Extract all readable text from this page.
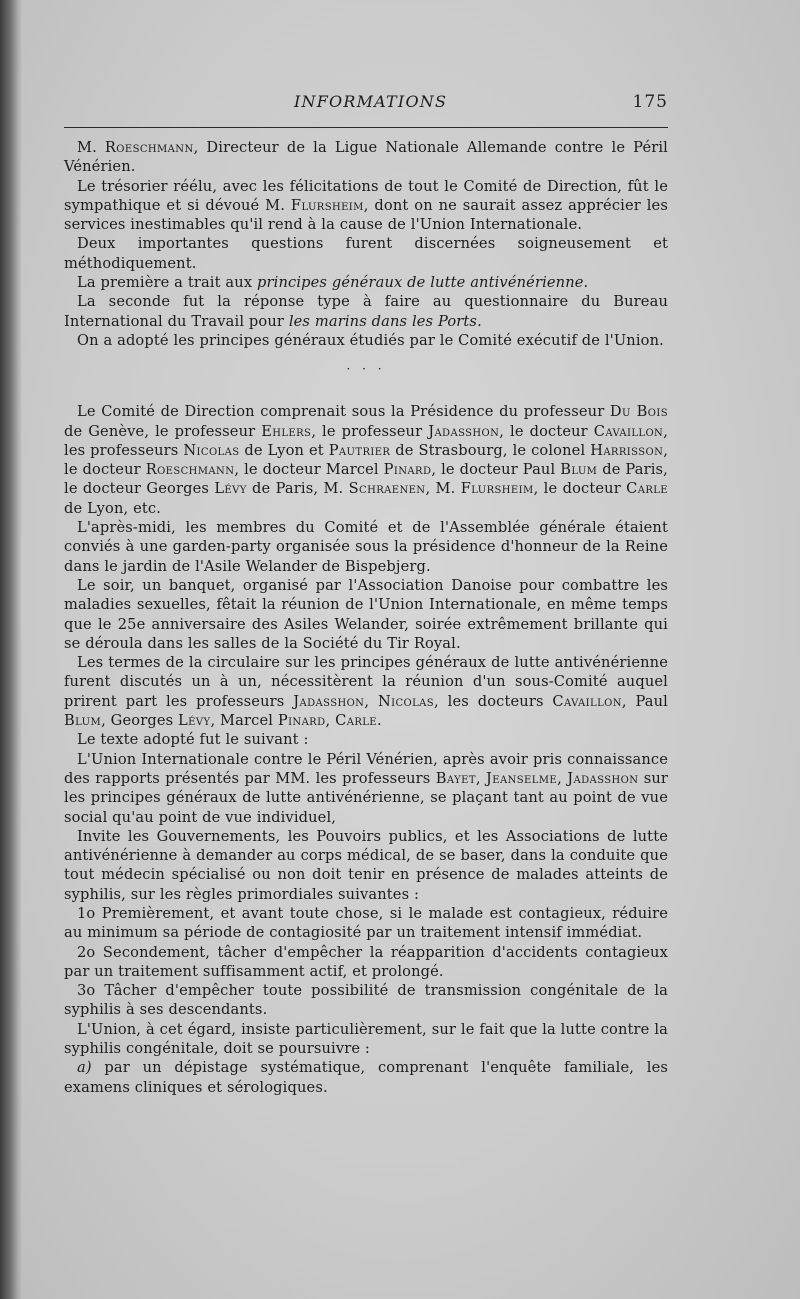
INFORMATIONS	175

M. Roeschmann, Directeur de la Ligue Nationale Allemande contre le Péril Vénérien.

Le trésorier réélu, avec les félicitations de tout le Comité de Direction, fût le sympathique et si dévoué M. Flursheim, dont on ne saurait assez apprécier les services inestimables qu'il rend à la cause de l'Union Internationale.

Deux importantes questions furent discernées soigneusement et méthodiquement.

La première a trait aux principes généraux de lutte antivénérienne.

La seconde fut la réponse type à faire au questionnaire du Bureau International du Travail pour les marins dans les Ports.

On a adopté les principes généraux étudiés par le Comité exécutif de l'Union.

· · ·

Le Comité de Direction comprenait sous la Présidence du professeur Du Bois de Genève, le professeur Ehlers, le professeur Jadasshon, le docteur Cavaillon, les professeurs Nicolas de Lyon et Pautrier de Strasbourg, le colonel Harrisson, le docteur Roeschmann, le docteur Marcel Pinard, le docteur Paul Blum de Paris, le docteur Georges Lévy de Paris, M. Schraenen, M. Flursheim, le docteur Carle de Lyon, etc.

L'après-midi, les membres du Comité et de l'Assemblée générale étaient conviés à une garden-party organisée sous la présidence d'honneur de la Reine dans le jardin de l'Asile Welander de Bispebjerg.

Le soir, un banquet, organisé par l'Association Danoise pour combattre les maladies sexuelles, fêtait la réunion de l'Union Internationale, en même temps que le 25e anniversaire des Asiles Welander, soirée extrêmement brillante qui se déroula dans les salles de la Société du Tir Royal.

Les termes de la circulaire sur les principes généraux de lutte antivénérienne furent discutés un à un, nécessitèrent la réunion d'un sous-Comité auquel prirent part les professeurs Jadasshon, Nicolas, les docteurs Cavaillon, Paul Blum, Georges Lévy, Marcel Pinard, Carle.

Le texte adopté fut le suivant :

L'Union Internationale contre le Péril Vénérien, après avoir pris connaissance des rapports présentés par MM. les professeurs Bayet, Jeanselme, Jadasshon sur les principes généraux de lutte antivénérienne, se plaçant tant au point de vue social qu'au point de vue individuel,

Invite les Gouvernements, les Pouvoirs publics, et les Associations de lutte antivénérienne à demander au corps médical, de se baser, dans la conduite que tout médecin spécialisé ou non doit tenir en présence de malades atteints de syphilis, sur les règles primordiales suivantes :

1o Premièrement, et avant toute chose, si le malade est contagieux, réduire au minimum sa période de contagiosité par un traitement intensif immédiat.

2o Secondement, tâcher d'empêcher la réapparition d'accidents contagieux par un traitement suffisamment actif, et prolongé.

3o Tâcher d'empêcher toute possibilité de transmission congénitale de la syphilis à ses descendants.

L'Union, à cet égard, insiste particulièrement, sur le fait que la lutte contre la syphilis congénitale, doit se poursuivre :

a) par un dépistage systématique, comprenant l'enquête familiale, les examens cliniques et sérologiques.
